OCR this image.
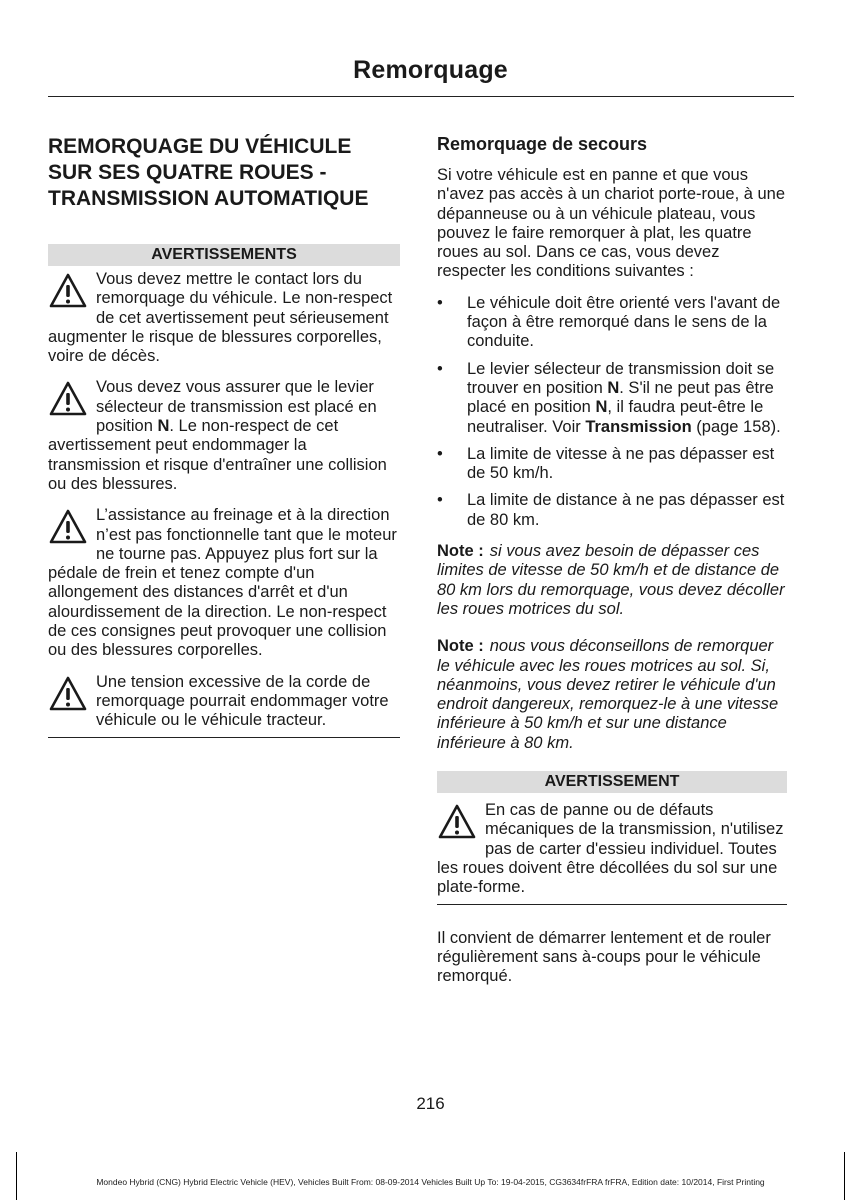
Remorquage
REMORQUAGE DU VÉHICULE SUR SES QUATRE ROUES - TRANSMISSION AUTOMATIQUE
AVERTISSEMENTS
Vous devez mettre le contact lors du remorquage du véhicule. Le non-respect de cet avertissement peut sérieusement augmenter le risque de blessures corporelles, voire de décès.
Vous devez vous assurer que le levier sélecteur de transmission est placé en position N. Le non-respect de cet avertissement peut endommager la transmission et risque d'entraîner une collision ou des blessures.
L’assistance au freinage et à la direction n’est pas fonctionnelle tant que le moteur ne tourne pas. Appuyez plus fort sur la pédale de frein et tenez compte d'un allongement des distances d'arrêt et d'un alourdissement de la direction. Le non-respect de ces consignes peut provoquer une collision ou des blessures corporelles.
Une tension excessive de la corde de remorquage pourrait endommager votre véhicule ou le véhicule tracteur.
Remorquage de secours

Si votre véhicule est en panne et que vous n'avez pas accès à un chariot porte-roue, à une dépanneuse ou à un véhicule plateau, vous pouvez le faire remorquer à plat, les quatre roues au sol. Dans ce cas, vous devez respecter les conditions suivantes :

• Le véhicule doit être orienté vers l'avant de façon à être remorqué dans le sens de la conduite.
• Le levier sélecteur de transmission doit se trouver en position N. S'il ne peut pas être placé en position N, il faudra peut-être le neutraliser. Voir Transmission (page 158).
• La limite de vitesse à ne pas dépasser est de 50 km/h.
• La limite de distance à ne pas dépasser est de 80 km.

Note : si vous avez besoin de dépasser ces limites de vitesse de 50 km/h et de distance de 80 km lors du remorquage, vous devez décoller les roues motrices du sol.

Note : nous vous déconseillons de remorquer le véhicule avec les roues motrices au sol. Si, néanmoins, vous devez retirer le véhicule d'un endroit dangereux, remorquez-le à une vitesse inférieure à 50 km/h et sur une distance inférieure à 80 km.

AVERTISSEMENT
En cas de panne ou de défauts mécaniques de la transmission, n'utilisez pas de carter d'essieu individuel. Toutes les roues doivent être décollées du sol sur une plate-forme.

Il convient de démarrer lentement et de rouler régulièrement sans à-coups pour le véhicule remorqué.

216
Mondeo Hybrid (CNG) Hybrid Electric Vehicle (HEV), Vehicles Built From: 08-09-2014 Vehicles Built Up To: 19-04-2015, CG3634frFRA frFRA, Edition date: 10/2014, First Printing
